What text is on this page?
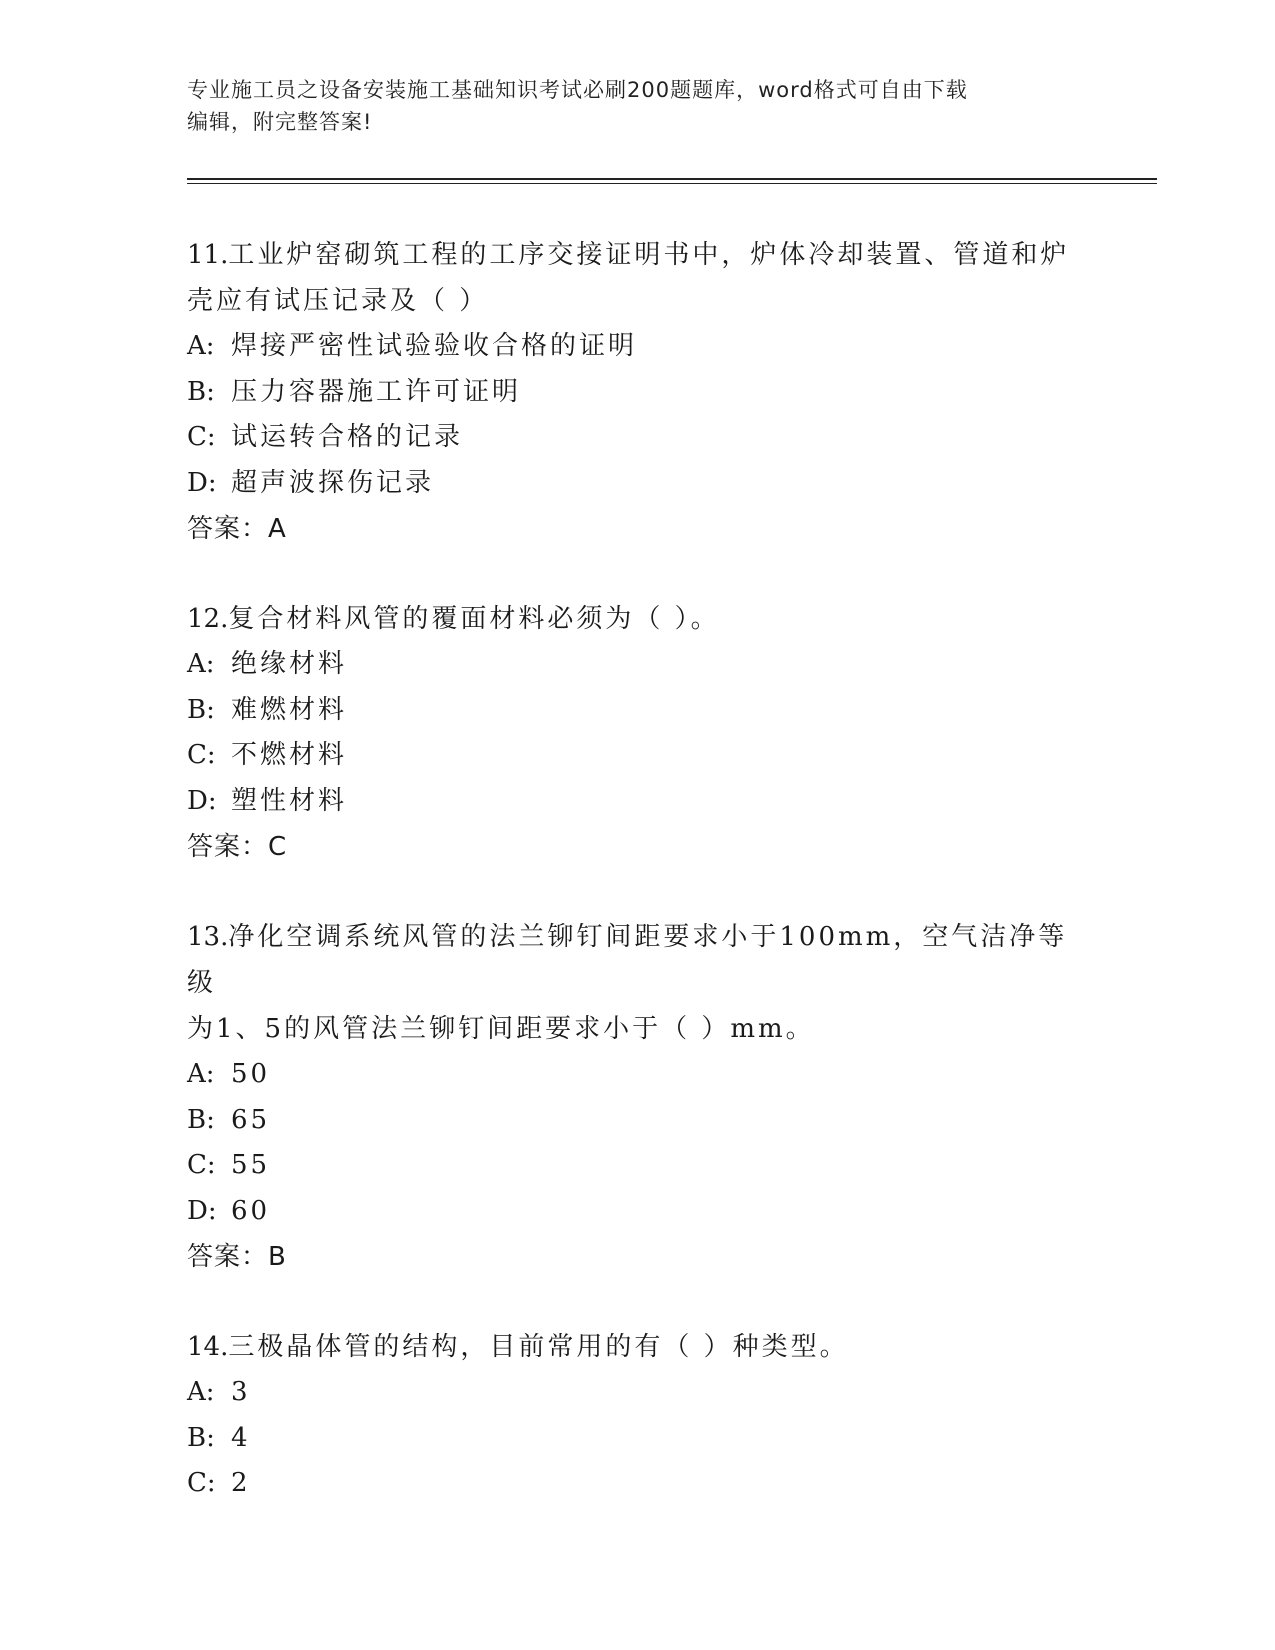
专业施工员之设备安装施工基础知识考试必刷200题题库，word格式可自由下载
编辑，附完整答案!

11.工业炉窑砌筑工程的工序交接证明书中，炉体冷却装置、管道和炉

壳应有试压记录及（ ）

A: 焊接严密性试验验收合格的证明

B: 压力容器施工许可证明

C: 试运转合格的记录

D: 超声波探伤记录

答案：A

12.复合材料风管的覆面材料必须为（ ）。

A: 绝缘材料

B: 难燃材料

C: 不燃材料

D: 塑性材料

答案：C

13.净化空调系统风管的法兰铆钉间距要求小于100mm，空气洁净等级

为1、5的风管法兰铆钉间距要求小于（ ）mm。

A: 50

B: 65

C: 55

D: 60

答案：B

14.三极晶体管的结构，目前常用的有（ ）种类型。

A: 3

B: 4

C: 2
